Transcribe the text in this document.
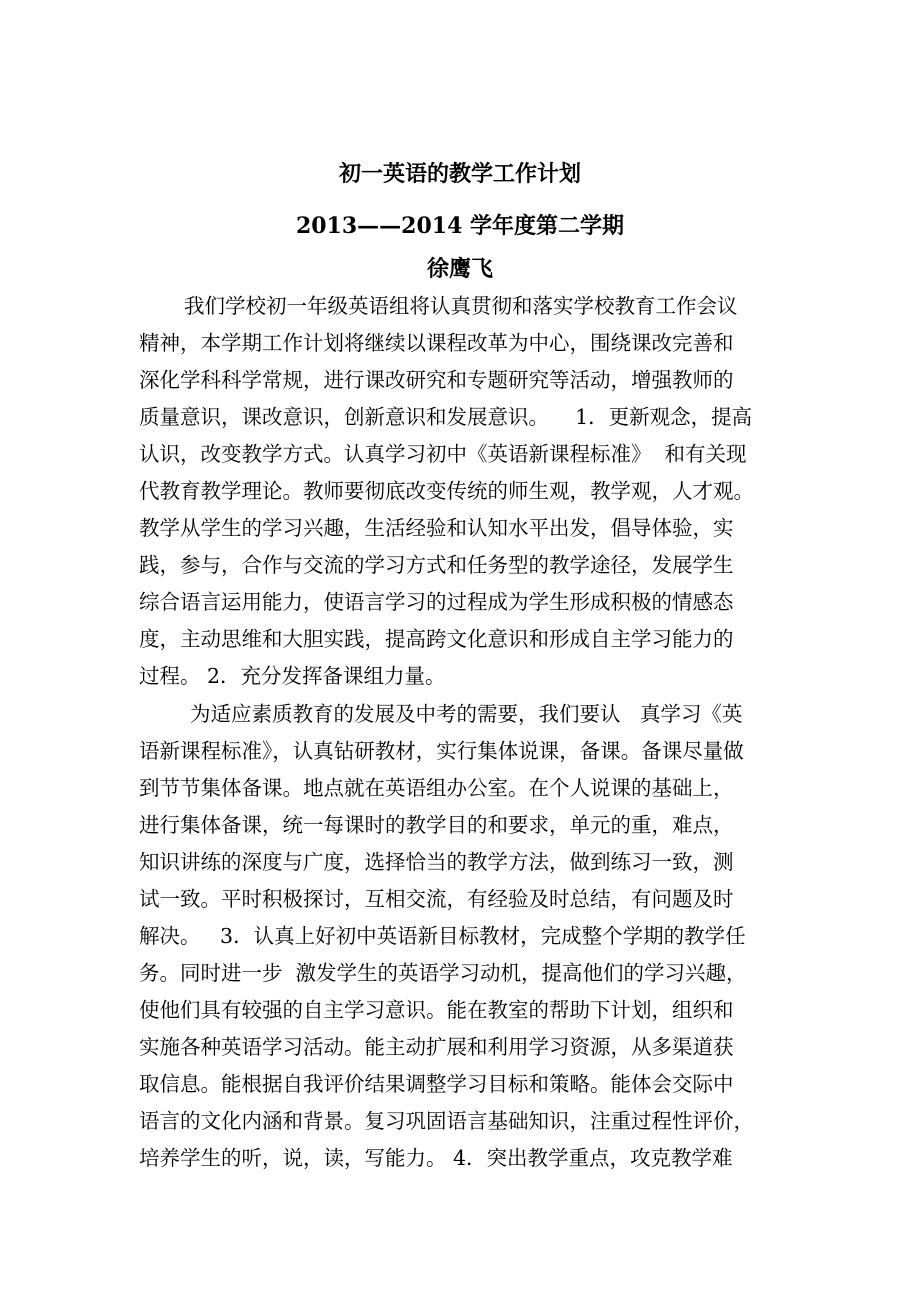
初一英语的教学工作计划
2013——2014 学年度第二学期
徐鹰飞
我们学校初一年级英语组将认真贯彻和落实学校教育工作会议
精神，本学期工作计划将继续以课程改革为中心，围绕课改完善和
深化学科科学常规，进行课改研究和专题研究等活动，增强教师的
质量意识，课改意识，创新意识和发展意识。    1．更新观念，提高
认识，改变教学方式。认真学习初中《英语新课程标准》  和有关现
代教育教学理论。教师要彻底改变传统的师生观，教学观，人才观。
教学从学生的学习兴趣，生活经验和认知水平出发，倡导体验，实
践，参与，合作与交流的学习方式和任务型的教学途径，发展学生
综合语言运用能力，使语言学习的过程成为学生形成积极的情感态
度，主动思维和大胆实践，提高跨文化意识和形成自主学习能力的
过程。 2．充分发挥备课组力量。
为适应素质教育的发展及中考的需要，我们要认   真学习《英
语新课程标准》，认真钻研教材，实行集体说课，备课。备课尽量做
到节节集体备课。地点就在英语组办公室。在个人说课的基础上，
进行集体备课，统一每课时的教学目的和要求，单元的重，难点，
知识讲练的深度与广度，选择恰当的教学方法，做到练习一致，测
试一致。平时积极探讨，互相交流，有经验及时总结，有问题及时
解决。   3．认真上好初中英语新目标教材，完成整个学期的教学任
务。同时进一步  激发学生的英语学习动机，提高他们的学习兴趣，
使他们具有较强的自主学习意识。能在教室的帮助下计划，组织和
实施各种英语学习活动。能主动扩展和利用学习资源，从多渠道获
取信息。能根据自我评价结果调整学习目标和策略。能体会交际中
语言的文化内涵和背景。复习巩固语言基础知识，注重过程性评价，
培养学生的听，说，读，写能力。 4．突出教学重点，攻克教学难
